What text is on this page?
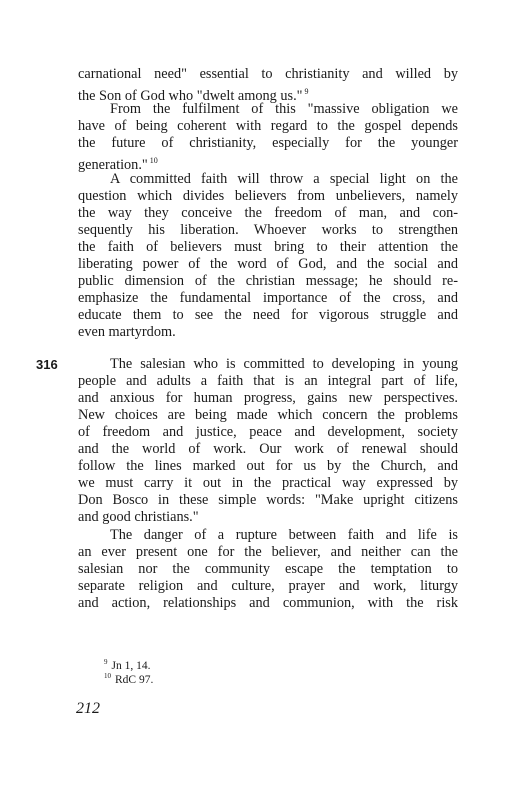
carnational need" essential to christianity and willed by
the Son of God who "dwelt among us." $^9$
From the fulfilment of this "massive obligation we
have of being coherent with regard to the gospel depends
the future of christianity, especially for the younger
generation." $^{10}$
A committed faith will throw a special light on the
question which divides believers from unbelievers, namely
the way they conceive the freedom of man, and con-
sequently his liberation. Whoever works to strengthen
the faith of believers must bring to their attention the
liberating power of the word of God, and the social and
public dimension of the christian message; he should re-
emphasize the fundamental importance of the cross, and
educate them to see the need for vigorous struggle and
even martyrdom.
The salesian who is committed to developing in young
people and adults a faith that is an integral part of life,
and anxious for human progress, gains new perspectives.
New choices are being made which concern the problems
of freedom and justice, peace and development, society
and the world of work. Our work of renewal should
follow the lines marked out for us by the Church, and
we must carry it out in the practical way expressed by
Don Bosco in these simple words: "Make upright citizens
and good christians."
The danger of a rupture between faith and life is
an ever present one for the believer, and neither can the
salesian nor the community escape the temptation to
separate religion and culture, prayer and work, liturgy
and action, relationships and communion, with the risk
316
$^9$ Jn 1, 14.
$^{10}$ RdC 97.
212
